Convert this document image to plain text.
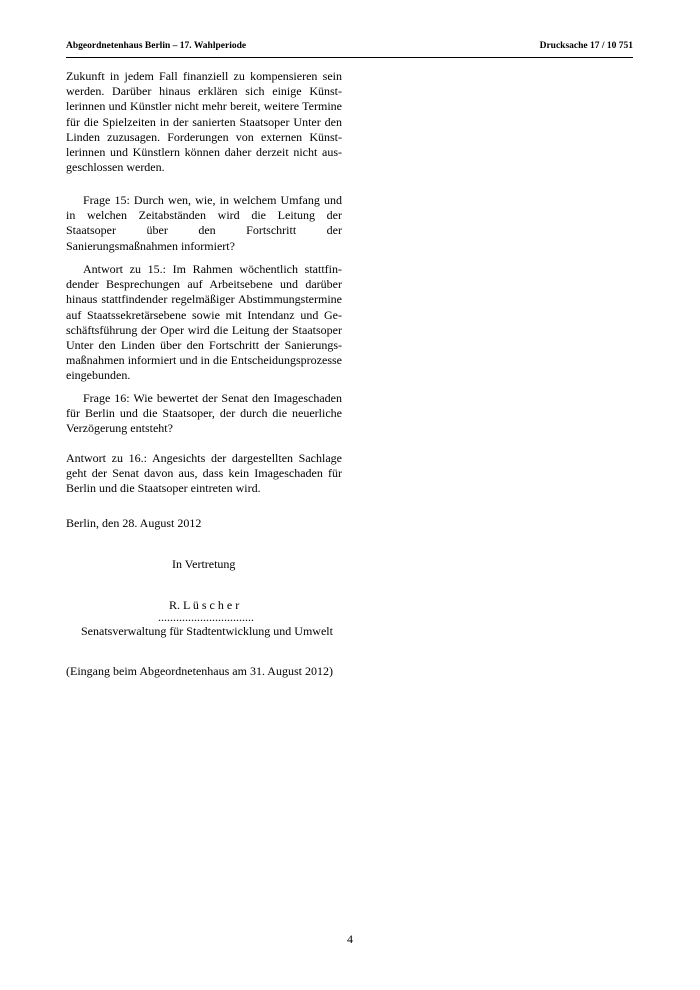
Abgeordnetenhaus Berlin – 17. Wahlperiode	Drucksache 17 / 10 751

Zukunft in jedem Fall finanziell zu kompensieren sein werden. Darüber hinaus erklären sich einige Künstlerinnen und Künstler nicht mehr bereit, weitere Termine für die Spielzeiten in der sanierten Staatsoper Unter den Linden zuzusagen. Forderungen von externen Künstlerinnen und Künstlern können daher derzeit nicht ausgeschlossen werden.

Frage 15: Durch wen, wie, in welchem Umfang und in welchen Zeitabständen wird die Leitung der Staatsoper über den Fortschritt der Sanierungsmaßnahmen informiert?

Antwort zu 15.: Im Rahmen wöchentlich stattfindender Besprechungen auf Arbeitsebene und darüber hinaus stattfindender regelmäßiger Abstimmungstermine auf Staatssekretärsebene sowie mit Intendanz und Geschäftsführung der Oper wird die Leitung der Staatsoper Unter den Linden über den Fortschritt der Sanierungsmaßnahmen informiert und in die Entscheidungsprozesse eingebunden.

Frage 16: Wie bewertet der Senat den Imageschaden für Berlin und die Staatsoper, der durch die neuerliche Verzögerung entsteht?

Antwort zu 16.: Angesichts der dargestellten Sachlage geht der Senat davon aus, dass kein Imageschaden für Berlin und die Staatsoper eintreten wird.

Berlin, den 28. August 2012
In Vertretung
R. L ü s c h e r
................................
Senatsverwaltung für Stadtentwicklung und Umwelt
(Eingang beim Abgeordnetenhaus am 31. August 2012)
4
